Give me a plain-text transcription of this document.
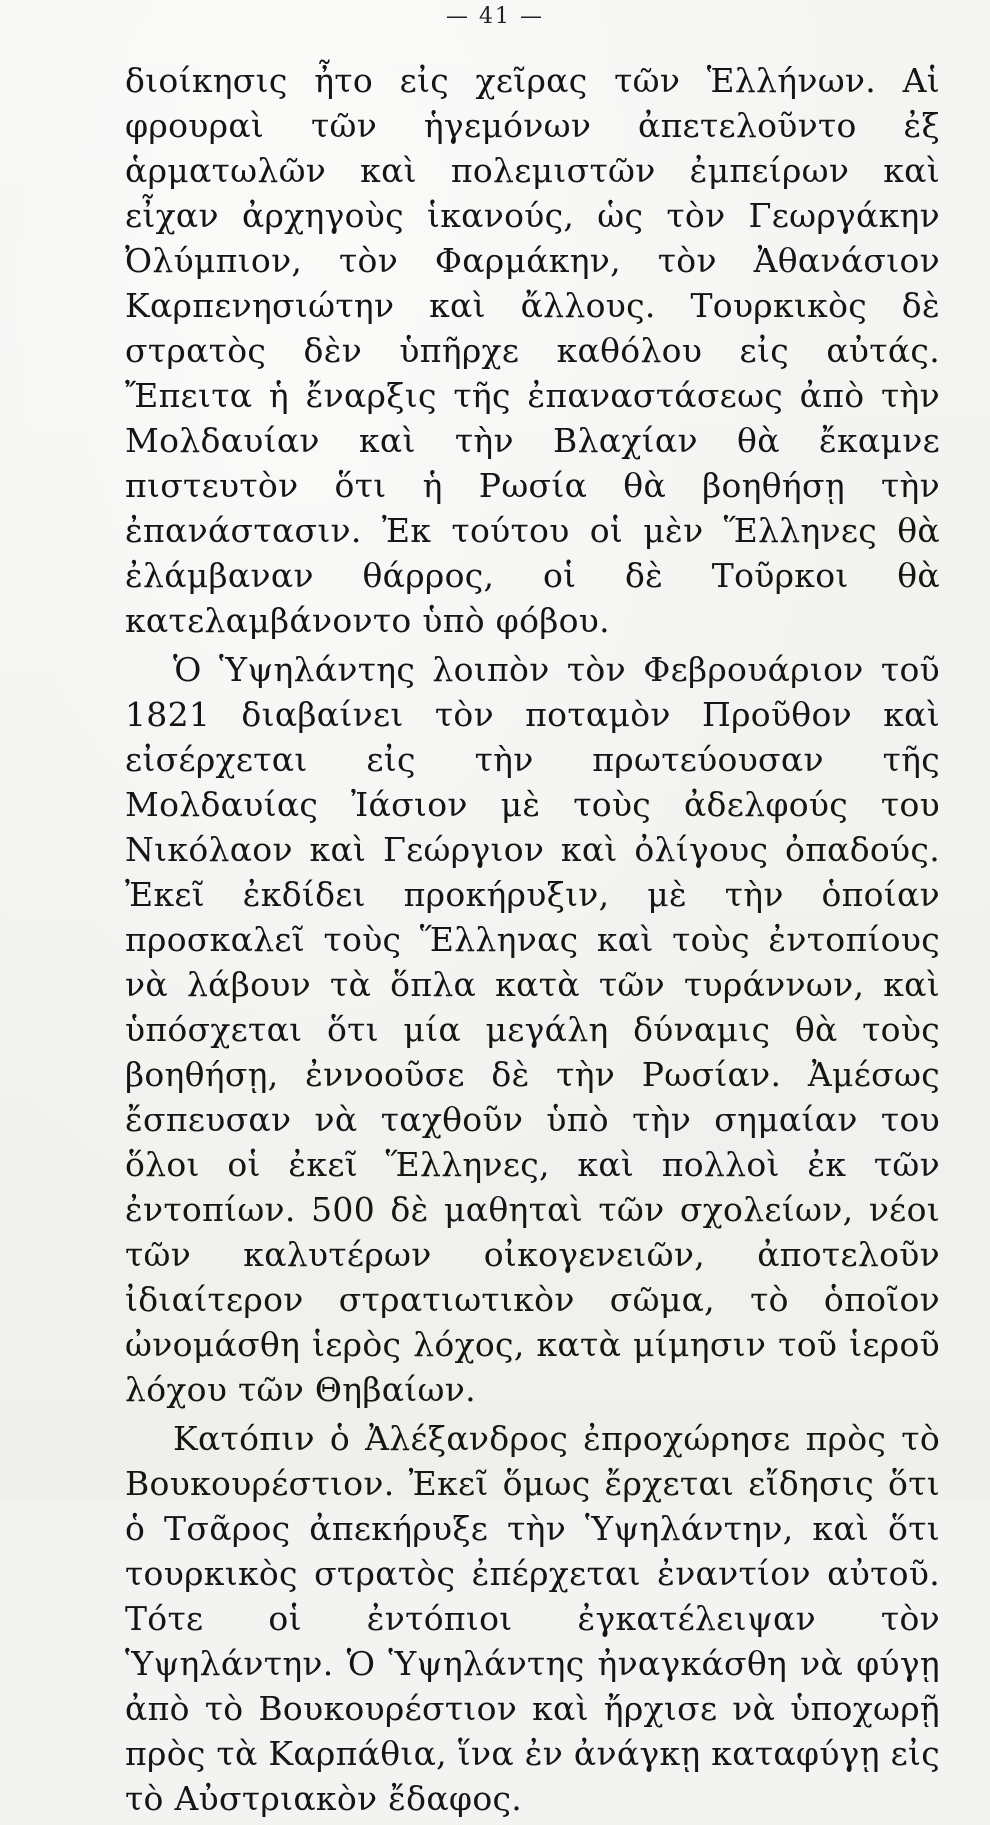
— 41 —

διοίκησις ἦτο εἰς χεῖρας τῶν Ἑλλήνων. Αἱ φρουραὶ τῶν ἡγεμόνων ἀπετελοῦντο ἐξ ἁρματωλῶν καὶ πολεμιστῶν ἐμπείρων καὶ εἶχαν ἀρχηγοὺς ἱκανούς, ὡς τὸν Γεωργάκην Ὀλύμπιον, τὸν Φαρμάκην, τὸν Ἀθανάσιον Καρπενησιώτην καὶ ἄλλους. Τουρκικὸς δὲ στρατὸς δὲν ὑπῆρχε καθόλου εἰς αὐτάς. Ἔπειτα ἡ ἔναρξις τῆς ἐπαναστάσεως ἀπὸ τὴν Μολδαυίαν καὶ τὴν Βλαχίαν θὰ ἔκαμνε πιστευτὸν ὅτι ἡ Ρωσία θὰ βοηθήσῃ τὴν ἐπανάστασιν. Ἐκ τούτου οἱ μὲν Ἕλληνες θὰ ἐλάμβαναν θάρρος, οἱ δὲ Τοῦρκοι θὰ κατελαμβάνοντο ὑπὸ φόβου.

Ὁ Ὑψηλάντης λοιπὸν τὸν Φεβρουάριον τοῦ 1821 διαβαίνει τὸν ποταμὸν Προῦθον καὶ εἰσέρχεται εἰς τὴν πρωτεύουσαν τῆς Μολδαυίας Ἰάσιον μὲ τοὺς ἀδελφούς του Νικόλαον καὶ Γεώργιον καὶ ὀλίγους ὀπαδούς. Ἐκεῖ ἐκδίδει προκήρυξιν, μὲ τὴν ὁποίαν προσκαλεῖ τοὺς Ἕλληνας καὶ τοὺς ἐντοπίους νὰ λάβουν τὰ ὅπλα κατὰ τῶν τυράννων, καὶ ὑπόσχεται ὅτι μία μεγάλη δύναμις θὰ τοὺς βοηθήσῃ, ἐννοοῦσε δὲ τὴν Ρωσίαν. Ἀμέσως ἔσπευσαν νὰ ταχθοῦν ὑπὸ τὴν σημαίαν του ὅλοι οἱ ἐκεῖ Ἕλληνες, καὶ πολλοὶ ἐκ τῶν ἐντοπίων. 500 δὲ μαθηταὶ τῶν σχολείων, νέοι τῶν καλυτέρων οἰκογενειῶν, ἀποτελοῦν ἰδιαίτερον στρατιωτικὸν σῶμα, τὸ ὁποῖον ὠνομάσθη ἱερὸς λόχος, κατὰ μίμησιν τοῦ ἱεροῦ λόχου τῶν Θηβαίων.

Κατόπιν ὁ Ἀλέξανδρος ἐπροχώρησε πρὸς τὸ Βουκουρέστιον. Ἐκεῖ ὅμως ἔρχεται εἴδησις ὅτι ὁ Τσᾶρος ἀπεκήρυξε τὴν Ὑψηλάντην, καὶ ὅτι τουρκικὸς στρατὸς ἐπέρχεται ἐναντίον αὐτοῦ. Τότε οἱ ἐντόπιοι ἐγκατέλειψαν τὸν Ὑψηλάντην. Ὁ Ὑψηλάντης ἠναγκάσθη νὰ φύγῃ ἀπὸ τὸ Βουκουρέστιον καὶ ἤρχισε νὰ ὑποχωρῇ πρὸς τὰ Καρπάθια, ἵνα ἐν ἀνάγκῃ καταφύγῃ εἰς τὸ Αὐστριακὸν ἔδαφος.
